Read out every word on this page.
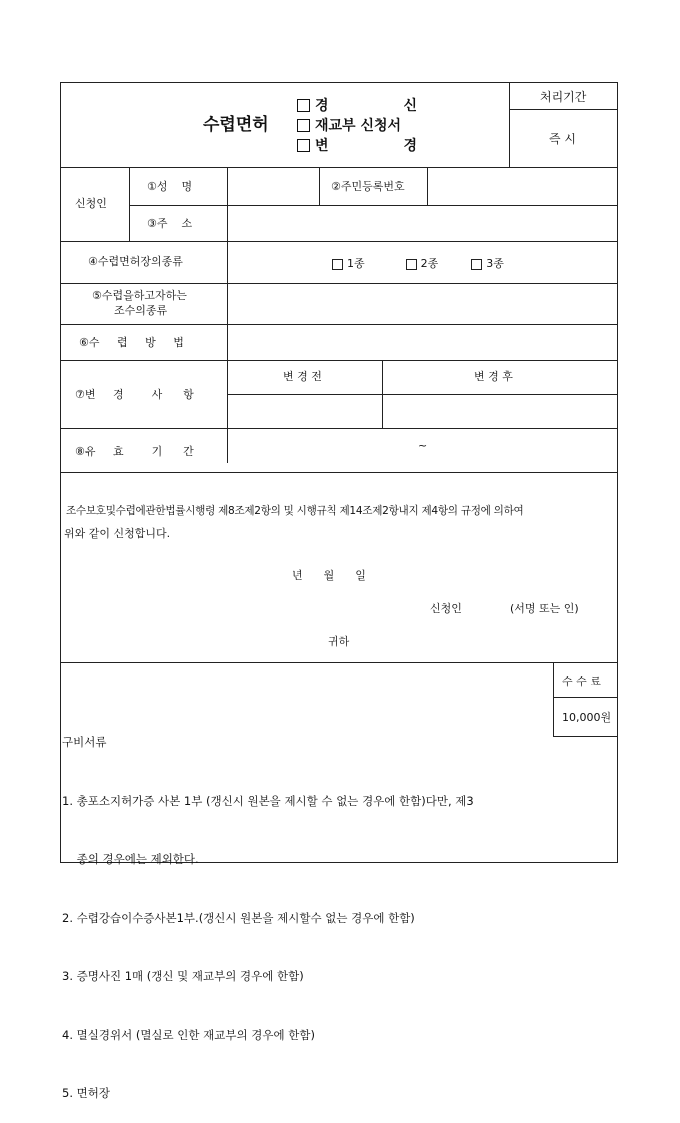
수렵면허
경	신
재교부 신청서
변	경
처리기간
즉 시
신청인
①성    명	②주민등록번호
③주    소
④수렵면허장의종류	1종	2종	3종
⑤수렵을하고자하는
조수의종류
⑥수     렵     방     법
⑦변     경        사      항
변 경 전	변 경 후
⑧유     효        기      간	~
조수보호및수렵에관한법률시행령 제8조제2항의 및 시행규칙 제14조제2항내지 제4항의 규정에 의하여
위와 같이 신청합니다.
년      월      일
신청인	(서명 또는 인)
귀하
수 수 료
10,000원

구비서류

1. 총포소지허가증 사본 1부 (갱신시 원본을 제시할 수 없는 경우에 한함)다만, 제3

종의 경우에는 제외한다.

2. 수렵강습이수증사본1부.(갱신시 원본을 제시할수 없는 경우에 한함)

3. 증명사진 1매 (갱신 및 재교부의 경우에 한함)

4. 멸실경위서 (멸실로 인한 재교부의 경우에 한함)

5. 면허장
